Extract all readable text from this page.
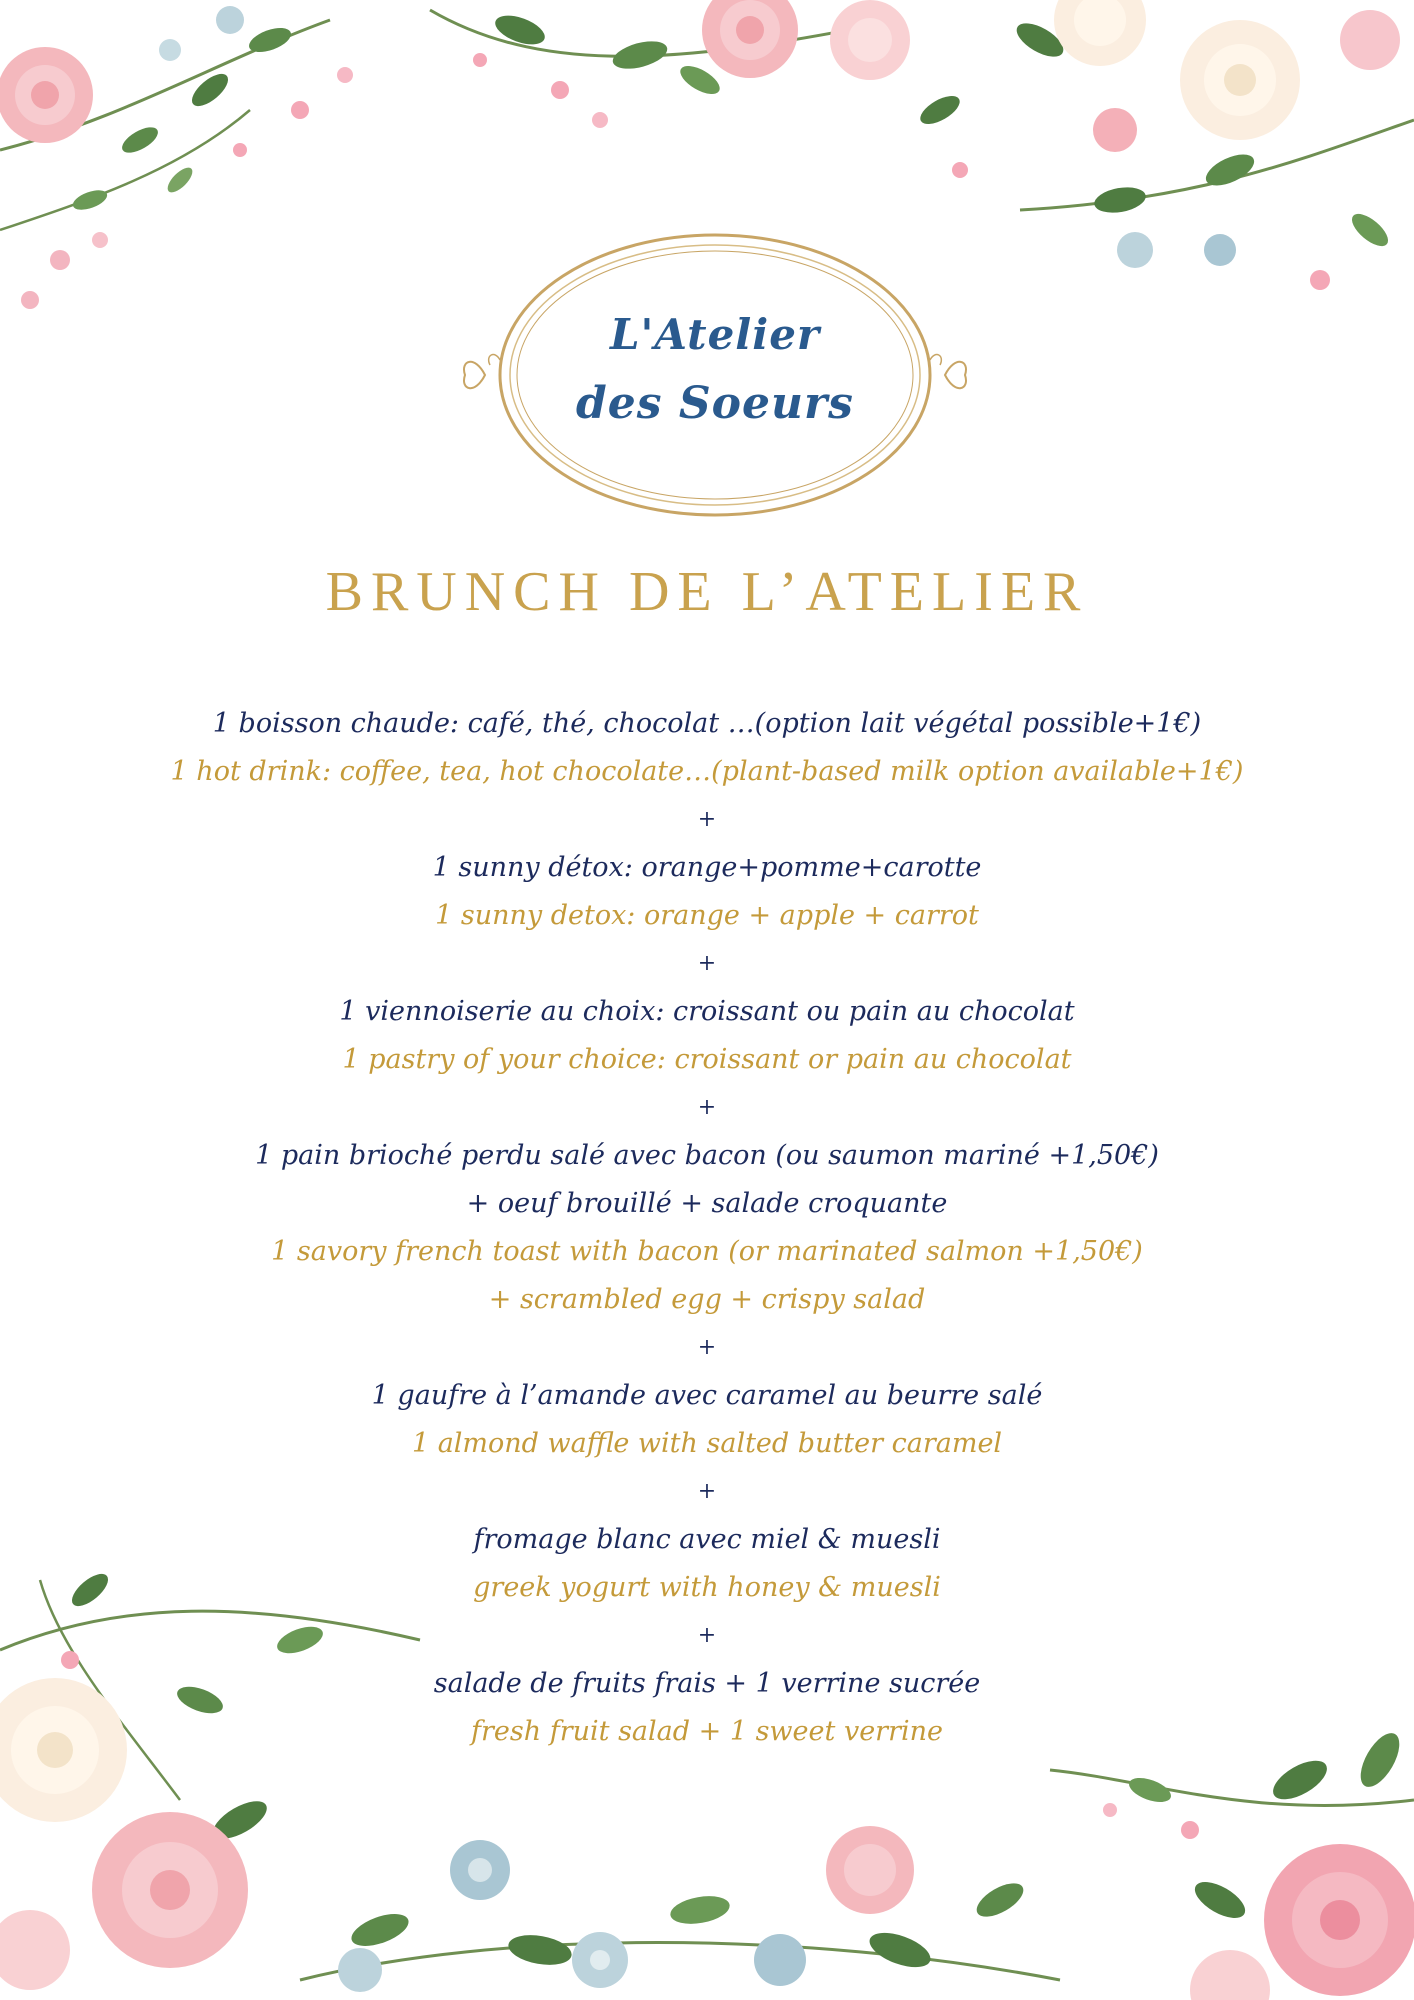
L'Atelier
des Soeurs
BRUNCH DE L’ATELIER
1 boisson chaude: café, thé, chocolat …(option lait végétal possible+1€)
1 hot drink: coffee, tea, hot chocolate…(plant-based milk option available+1€)
+
1 sunny détox: orange+pomme+carotte
1 sunny detox: orange + apple + carrot
+
1 viennoiserie au choix: croissant ou pain au chocolat
1 pastry of your choice: croissant or pain au chocolat
+
1 pain brioché perdu salé avec bacon (ou saumon mariné +1,50€)
+ oeuf brouillé + salade croquante
1 savory french toast with bacon (or marinated salmon +1,50€)
+ scrambled egg + crispy salad
+
1 gaufre à l’amande avec caramel au beurre salé
1 almond waffle with salted butter caramel
+
fromage blanc avec miel & muesli
greek yogurt with honey & muesli
+
salade de fruits frais + 1 verrine sucrée
fresh fruit salad + 1 sweet verrine
